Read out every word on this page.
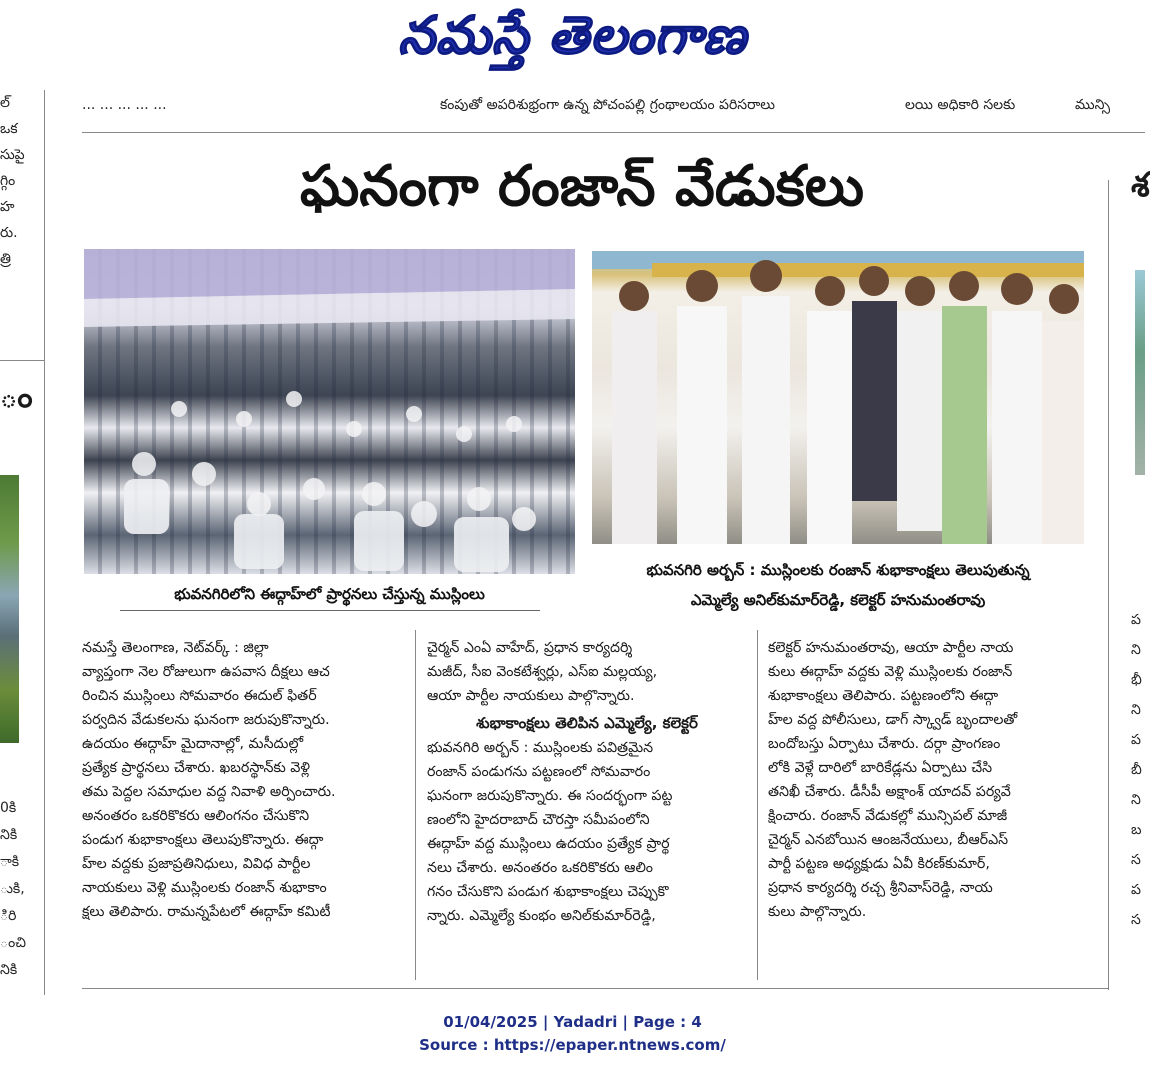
నమస్తే తెలంగాణ
... ... ... ... ...	కంపుతో అపరిశుభ్రంగా ఉన్న పోచంపల్లి గ్రంథాలయం పరిసరాలు	లయి అధికారి సలకు	మున్సి
ల్
ఒక
సుపై
గ్గిం
హ
రు.
త్రి
ం
0కి
నికి
ాకి
ుకి,
ిరి
ంచి
నికి
శ
ప
ని
భీ
ని
ప
బీ
ని
బ
స
ప
స
ఘనంగా రంజాన్ వేడుకలు
భువనగిరిలోని ఈద్గాహ్‌లో ప్రార్థనలు చేస్తున్న ముస్లింలు
భువనగిరి అర్బన్ : ముస్లింలకు రంజాన్ శుభాకాంక్షలు తెలుపుతున్న
ఎమ్మెల్యే అనిల్‌కుమార్‌రెడ్డి, కలెక్టర్ హనుమంతరావు
నమస్తే తెలంగాణ, నెట్‌వర్క్ : జిల్లా
వ్యాప్తంగా నెల రోజులుగా ఉపవాస దీక్షలు ఆచ
రించిన ముస్లింలు సోమవారం ఈదుల్ ఫితర్
పర్వదిన వేడుకలను ఘనంగా జరుపుకొన్నారు.
ఉదయం ఈద్గాహ్ మైదానాల్లో, మసీదుల్లో
ప్రత్యేక ప్రార్థనలు చేశారు. ఖబరస్థాన్‌కు వెళ్లి
తమ పెద్దల సమాధుల వద్ద నివాళి అర్పించారు.
అనంతరం ఒకరికొకరు ఆలింగనం చేసుకొని
పండుగ శుభాకాంక్షలు తెలుపుకొన్నారు. ఈద్గా
హ్‌ల వద్దకు ప్రజాప్రతినిధులు, వివిధ పార్టీల
నాయకులు వెళ్లి ముస్లింలకు రంజాన్ శుభాకాం
క్షలు తెలిపారు. రామన్నపేటలో ఈద్గాహ్ కమిటీ
చైర్మన్ ఎంఏ వాహేద్, ప్రధాన కార్యదర్శి
మజీద్, సీఐ వెంకటేశ్వర్లు, ఎస్‌ఐ మల్లయ్య,
ఆయా పార్టీల నాయకులు పాల్గొన్నారు.
శుభాకాంక్షలు తెలిపిన ఎమ్మెల్యే, కలెక్టర్
భువనగిరి అర్బన్ : ముస్లింలకు పవిత్రమైన
రంజాన్ పండుగను పట్టణంలో సోమవారం
ఘనంగా జరుపుకొన్నారు. ఈ సందర్భంగా పట్ట
ణంలోని హైదరాబాద్ చౌరస్తా సమీపంలోని
ఈద్గాహ్ వద్ద ముస్లింలు ఉదయం ప్రత్యేక ప్రార్థ
నలు చేశారు. అనంతరం ఒకరికొకరు ఆలిం
గనం చేసుకొని పండుగ శుభాకాంక్షలు చెప్పుకొ
న్నారు. ఎమ్మెల్యే కుంభం అనిల్‌కుమార్‌రెడ్డి,
కలెక్టర్ హనుమంతరావు, ఆయా పార్టీల నాయ
కులు ఈద్గాహ్ వద్దకు వెళ్లి ముస్లింలకు రంజాన్
శుభాకాంక్షలు తెలిపారు. పట్టణంలోని ఈద్గా
హ్‌ల వద్ద పోలీసులు, డాగ్ స్క్వాడ్ బృందాలతో
బందోబస్తు ఏర్పాటు చేశారు. దర్గా ప్రాంగణం
లోకి వెళ్లే దారిలో బారికేడ్లను ఏర్పాటు చేసి
తనిఖీ చేశారు. డీసీపీ అక్షాంశ్ యాదవ్ పర్యవే
క్షించారు. రంజాన్ వేడుకల్లో మున్సిపల్ మాజీ
చైర్మన్ ఎనబోయిన ఆంజనేయులు, బీఆర్‌ఎస్
పార్టీ పట్టణ అధ్యక్షుడు ఏవీ కిరణ్‌కుమార్,
ప్రధాన కార్యదర్శి రచ్చ శ్రీనివాస్‌రెడ్డి, నాయ
కులు పాల్గొన్నారు.
01/04/2025 | Yadadri | Page : 4
Source : https://epaper.ntnews.com/
